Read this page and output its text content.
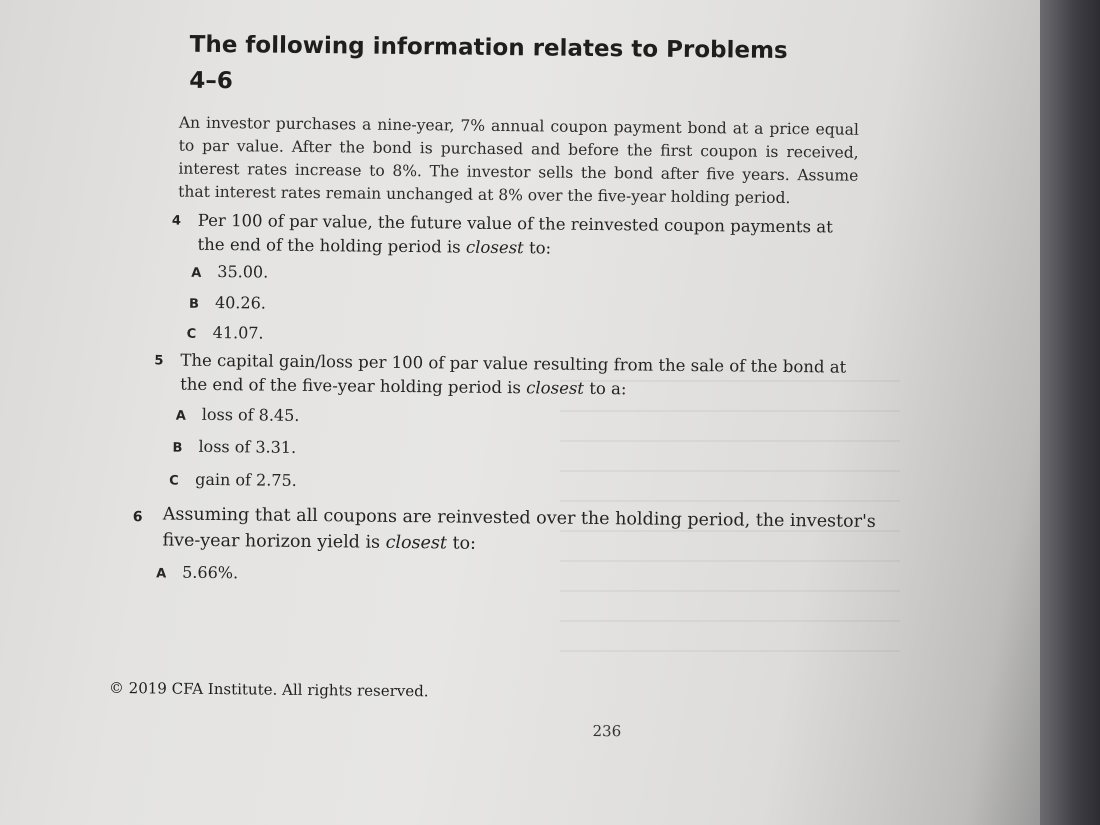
The following information relates to Problems
4–6
An investor purchases a nine-year, 7% annual coupon payment bond at a price equal to par value. After the bond is purchased and before the first coupon is received, interest rates increase to 8%. The investor sells the bond after five years. Assume that interest rates remain unchanged at 8% over the five-year holding period.
4 Per 100 of par value, the future value of the reinvested coupon payments at the end of the holding period is closest to:
A 35.00.
B 40.26.
C 41.07.
5 The capital gain/loss per 100 of par value resulting from the sale of the bond at the end of the five-year holding period is closest to a:
A loss of 8.45.
B loss of 3.31.
C gain of 2.75.
6 Assuming that all coupons are reinvested over the holding period, the investor's five-year horizon yield is closest to:
A 5.66%.
© 2019 CFA Institute. All rights reserved.
236
